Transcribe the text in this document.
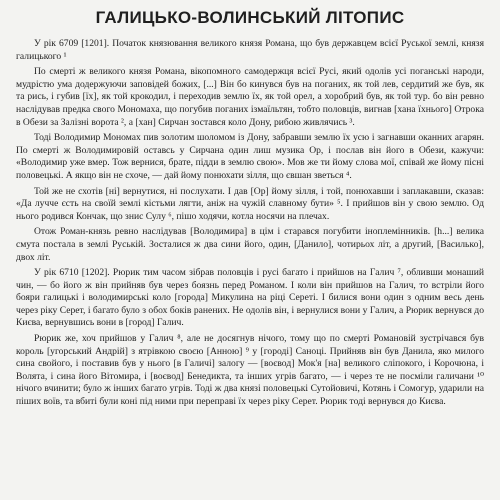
ГАЛИЦЬКО-ВОЛИНСЬКИЙ ЛІТОПИС

У рік 6709 [1201]. Початок князювання великого князя Романа, що був державцем всієї Руської землі, князя галицького ¹

По смерті ж великого князя Романа, вікопомного самодержця всієї Русі, який одолів усі поганські народи, мудрістю ума додержуючи заповідей божих, [...] Він бо кинувся був на поганих, як той лев, сердитий же був, як та рись, і губив [їх], як той крокодил, і переходив землю їх, як той орел, а хоробрий був, як той тур. бо він ревно наслідував предка свого Мономаха, що погубив поганих ізмаїльтян, тобто половців, вигнав [хана їхнього] Отрока в Обези за Залізні ворота ², а [хан] Сирчан зостався коло Дону, рибою живлячись ³.

Тоді Володимир Мономах пив золотим шоломом із Дону, забравши землю їх усю і загнавши оканних агарян. По смерті ж Володимировій оставсь у Сирчана один лиш музика Ор, і послав він його в Обези, кажучи: «Володимир уже вмер. Тож вернися, брате, підди в землю свою». Мов же ти йому слова мої, співай же йому пісні половецькі. А якщо він не схоче, — дай йому понюхати зілля, що євшан зветься ⁴.

Той же не схотів [ні] вернутися, ні послухати. І дав [Ор] йому зілля, і той, понюхавши і заплакавши, сказав: «Да лучче єсть на своїй землі кістьми лягти, аніж на чужій славному бути» ⁵. І прийшов він у свою землю. Од нього родився Кончак, що знис Сулу ⁶, пішо ходячи, котла носячи на плечах.

Отож Роман-князь ревно наслідував [Володимира] в цім і старався погубити іноплемінників. [h...] великa смута постала в землі Руській. Зосталися ж два сини його, один, [Данило], чотирьох літ, а другий, [Василько], двох літ.

У рік 6710 [1202]. Рюрик тим часом зібрав половців і русі багато і прийшов на Галич ⁷, обливши монаший чин, — бо його ж він прийняв був через боязнь перед Романом. І коли він прийшов на Галич, то встріли його бояри галицькі і володимирські коло [города] Микулина на ріці Сереті. І билися вони один з одним весь день через ріку Серет, і багато було з обох боків ранених. Не одолів він, і вернулися вони у Галич, а Рюрик вернувся до Києва, вернувшись вони в [город] Галич.

Рюрик же, хоч прийшов у Галич ⁸, але не досягнув нічого, тому що по смерті Романовій зустрічався був король [угорський Андрій] з ятрівкою своєю [Анною] ⁹ у [городі] Саноці. Прийняв він був Данила, яко милого сина свойого, і поставив був у нього [в Галичі] залогу — [воєвод] Мок'я [на] великого сліпокого, і Корочюна, і Волята, і сина його Вітомира, і [воєвод] Бенедикта, та інших угрів багато, — і через те не посміли галичани ¹⁰ нічого вчинити; було ж інших багато угрів. Тоді ж два князі половецькі Сутойовичі, Котянь і Сомогур, ударили на піших воїв, та вбиті були коні під ними при переправі їх через ріку Серет. Рюрик тоді вернувся до Києва.
